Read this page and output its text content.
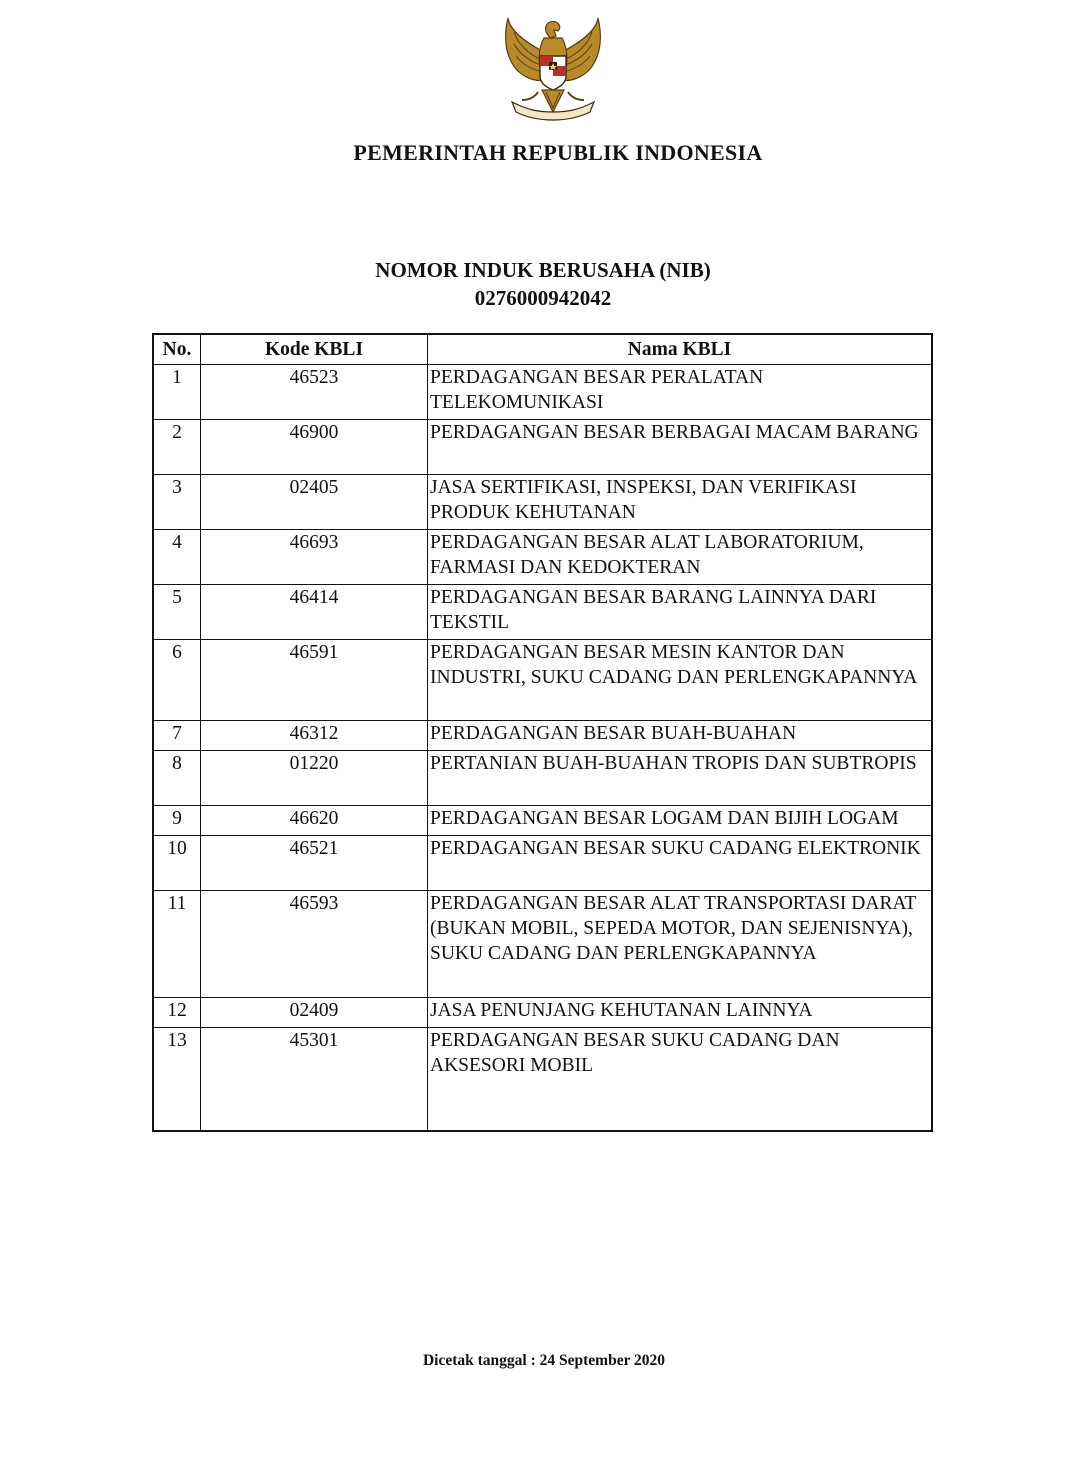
PEMERINTAH REPUBLIK INDONESIA
NOMOR INDUK BERUSAHA (NIB)
0276000942042
No.	Kode KBLI	Nama KBLI
1	46523	PERDAGANGAN BESAR PERALATAN TELEKOMUNIKASI
2	46900	PERDAGANGAN BESAR BERBAGAI MACAM BARANG
3	02405	JASA SERTIFIKASI, INSPEKSI, DAN VERIFIKASI PRODUK KEHUTANAN
4	46693	PERDAGANGAN BESAR ALAT LABORATORIUM, FARMASI DAN KEDOKTERAN
5	46414	PERDAGANGAN BESAR BARANG LAINNYA DARI TEKSTIL
6	46591	PERDAGANGAN BESAR MESIN KANTOR DAN INDUSTRI, SUKU CADANG DAN PERLENGKAPANNYA
7	46312	PERDAGANGAN BESAR BUAH-BUAHAN
8	01220	PERTANIAN BUAH-BUAHAN TROPIS DAN SUBTROPIS
9	46620	PERDAGANGAN BESAR LOGAM DAN BIJIH LOGAM
10	46521	PERDAGANGAN BESAR SUKU CADANG ELEKTRONIK
11	46593	PERDAGANGAN BESAR ALAT TRANSPORTASI DARAT (BUKAN MOBIL, SEPEDA MOTOR, DAN SEJENISNYA), SUKU CADANG DAN PERLENGKAPANNYA
12	02409	JASA PENUNJANG KEHUTANAN LAINNYA
13	45301	PERDAGANGAN BESAR SUKU CADANG DAN AKSESORI MOBIL
Dicetak tanggal : 24 September 2020
